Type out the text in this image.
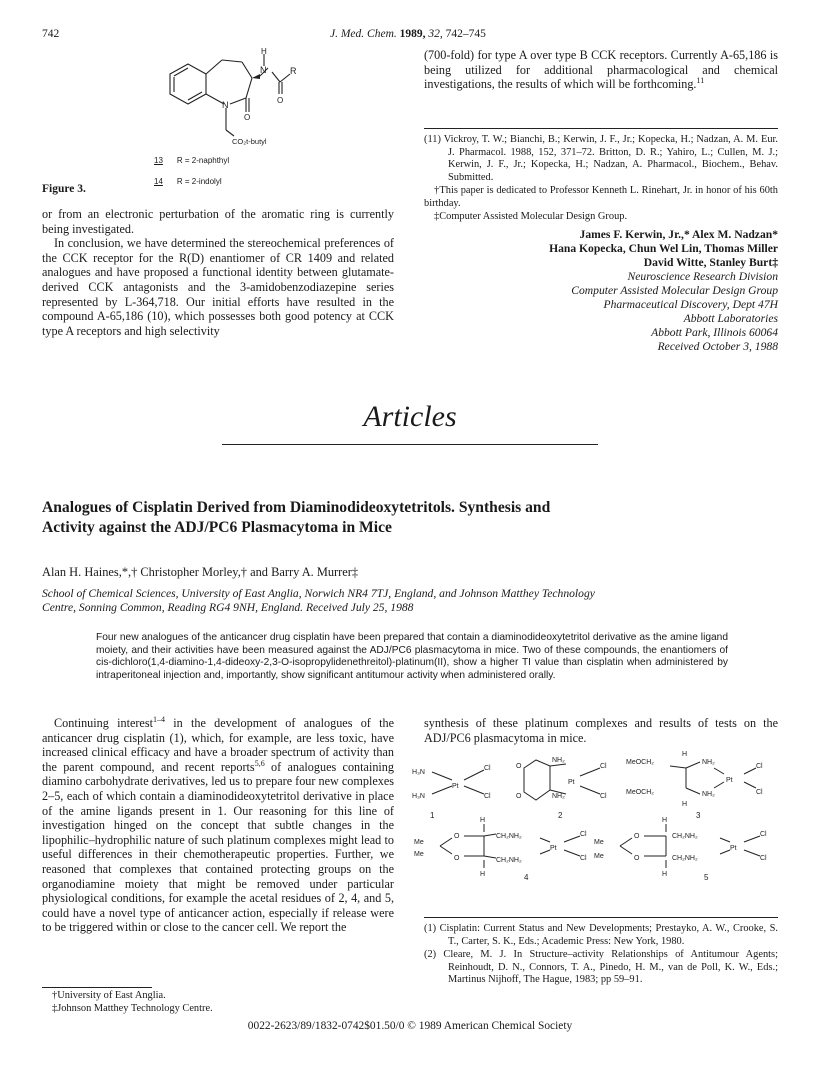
742	J. Med. Chem. 1989, 32, 742–745
H
N	R
O
N
O
CO₂t-butyl
13 R = 2-naphthyl
14 R = 2-indolyl
Figure 3.

or from an electronic perturbation of the aromatic ring is currently being investigated.

In conclusion, we have determined the stereochemical preferences of the CCK receptor for the R(D) enantiomer of CR 1409 and related analogues and have proposed a functional identity between glutamate-derived CCK antagonists and the 3-amidobenzodiazepine series represented by L-364,718. Our initial efforts have resulted in the compound A-65,186 (10), which possesses both good potency at CCK type A receptors and high selectivity

(700-fold) for type A over type B CCK receptors. Currently A-65,186 is being utilized for additional pharmacological and chemical investigations, the results of which will be forthcoming.$^{11}$

(11) Vickroy, T. W.; Bianchi, B.; Kerwin, J. F., Jr.; Kopecka, H.; Nadzan, A. M. Eur. J. Pharmacol. 1988, 152, 371–72. Britton, D. R.; Yahiro, L.; Cullen, M. J.; Kerwin, J. F., Jr.; Kopecka, H.; Nadzan, A. Pharmacol., Biochem., Behav. Submitted.

†This paper is dedicated to Professor Kenneth L. Rinehart, Jr. in honor of his 60th birthday.

‡Computer Assisted Molecular Design Group.

James F. Kerwin, Jr.,* Alex M. Nadzan*
Hana Kopecka, Chun Wel Lin, Thomas Miller
David Witte, Stanley Burt‡
Neuroscience Research Division
Computer Assisted Molecular Design Group
Pharmaceutical Discovery, Dept 47H
Abbott Laboratories
Abbott Park, Illinois 60064
Received October 3, 1988
Articles
Analogues of Cisplatin Derived from Diaminodideoxytetritols. Synthesis and
Activity against the ADJ/PC6 Plasmacytoma in Mice
Alan H. Haines,*,† Christopher Morley,† and Barry A. Murrer‡
School of Chemical Sciences, University of East Anglia, Norwich NR4 7TJ, England, and Johnson Matthey Technology
Centre, Sonning Common, Reading RG4 9NH, England. Received July 25, 1988
Four new analogues of the anticancer drug cisplatin have been prepared that contain a diaminodideoxytetritol derivative as the amine ligand moiety, and their activities have been measured against the ADJ/PC6 plasmacytoma in mice. Two of these compounds, the enantiomers of cis-dichloro(1,4-diamino-1,4-dideoxy-2,3-O-isopropylidenethreitol)-platinum(II), show a higher TI value than cisplatin when administered by intraperitoneal injection and, importantly, show significant antitumour activity when administered orally.

Continuing interest$^{1-4}$ in the development of analogues of the anticancer drug cisplatin (1), which, for example, are less toxic, have increased clinical efficacy and have a broader spectrum of activity than the parent compound, and recent reports$^{5,6}$ of analogues containing diamino carbohydrate derivatives, led us to prepare four new complexes 2–5, each of which contain a diaminodideoxytetritol derivative in place of the amine ligands present in 1. Our reasoning for this line of investigation hinged on the concept that subtle changes in the lipophilic–hydrophilic nature of such platinum complexes might lead to useful differences in their chemotherapeutic properties. Further, we reasoned that complexes that contained protecting groups on the organodiamine moiety that might be removed under particular physiological conditions, for example the acetal residues of 2, 4, and 5, could have a novel type of anticancer action, especially if release were to be triggered within or close to the cancer cell. We report the

†University of East Anglia.
‡Johnson Matthey Technology Centre.

synthesis of these platinum complexes and results of tests on the ADJ/PC6 plasmacytoma in mice.

H₃N
H₃N
Pt
Cl
Cl
O
O
NH₂
NH₂
Pt
Cl
Cl
MeOCH₂
MeOCH₂
NH₂
NH₂
Pt
Cl
Cl
H
H
Me
Me
O
O
CH₂NH₂
CH₂NH₂
Pt
Cl
Cl
H
H
Me
Me
O
O
CH₂NH₂
CH₂NH₂
Pt
Cl
Cl
H
H
1	2	3
4	5

(1) Cisplatin: Current Status and New Developments; Prestayko, A. W., Crooke, S. T., Carter, S. K., Eds.; Academic Press: New York, 1980.

(2) Cleare, M. J. In Structure–activity Relationships of Antitumour Agents; Reinhoudt, D. N., Connors, T. A., Pinedo, H. M., van de Poll, K. W., Eds.; Martinus Nijhoff, The Hague, 1983; pp 59–91.

0022-2623/89/1832-0742$01.50/0 © 1989 American Chemical Society
